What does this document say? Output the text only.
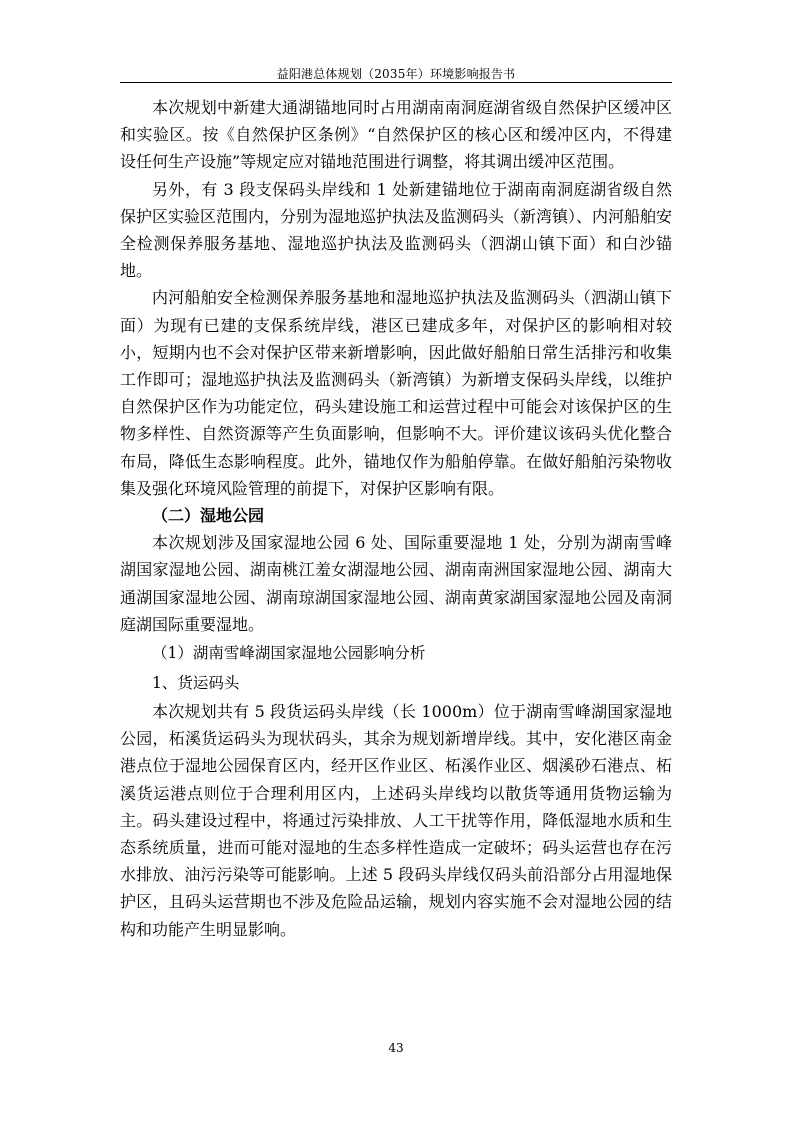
益阳港总体规划（2035年）环境影响报告书

本次规划中新建大通湖锚地同时占用湖南南洞庭湖省级自然保护区缓冲区和实验区。按《自然保护区条例》“自然保护区的核心区和缓冲区内，不得建设任何生产设施”等规定应对锚地范围进行调整，将其调出缓冲区范围。

另外，有 3 段支保码头岸线和 1 处新建锚地位于湖南南洞庭湖省级自然保护区实验区范围内，分别为湿地巡护执法及监测码头（新湾镇）、内河船舶安全检测保养服务基地、湿地巡护执法及监测码头（泗湖山镇下面）和白沙锚地。

内河船舶安全检测保养服务基地和湿地巡护执法及监测码头（泗湖山镇下面）为现有已建的支保系统岸线，港区已建成多年，对保护区的影响相对较小，短期内也不会对保护区带来新增影响，因此做好船舶日常生活排污和收集工作即可；湿地巡护执法及监测码头（新湾镇）为新增支保码头岸线，以维护自然保护区作为功能定位，码头建设施工和运营过程中可能会对该保护区的生物多样性、自然资源等产生负面影响，但影响不大。评价建议该码头优化整合布局，降低生态影响程度。此外，锚地仅作为船舶停靠。在做好船舶污染物收集及强化环境风险管理的前提下，对保护区影响有限。

（二）湿地公园

本次规划涉及国家湿地公园 6 处、国际重要湿地 1 处，分别为湖南雪峰湖国家湿地公园、湖南桃江羞女湖湿地公园、湖南南洲国家湿地公园、湖南大通湖国家湿地公园、湖南琼湖国家湿地公园、湖南黄家湖国家湿地公园及南洞庭湖国际重要湿地。

（1）湖南雪峰湖国家湿地公园影响分析

1、货运码头

本次规划共有 5 段货运码头岸线（长 1000m）位于湖南雪峰湖国家湿地公园，柘溪货运码头为现状码头，其余为规划新增岸线。其中，安化港区南金港点位于湿地公园保育区内，经开区作业区、柘溪作业区、烟溪砂石港点、柘溪货运港点则位于合理利用区内，上述码头岸线均以散货等通用货物运输为主。码头建设过程中，将通过污染排放、人工干扰等作用，降低湿地水质和生态系统质量，进而可能对湿地的生态多样性造成一定破坏；码头运营也存在污水排放、油污污染等可能影响。上述 5 段码头岸线仅码头前沿部分占用湿地保护区，且码头运营期也不涉及危险品运输，规划内容实施不会对湿地公园的结构和功能产生明显影响。

43
